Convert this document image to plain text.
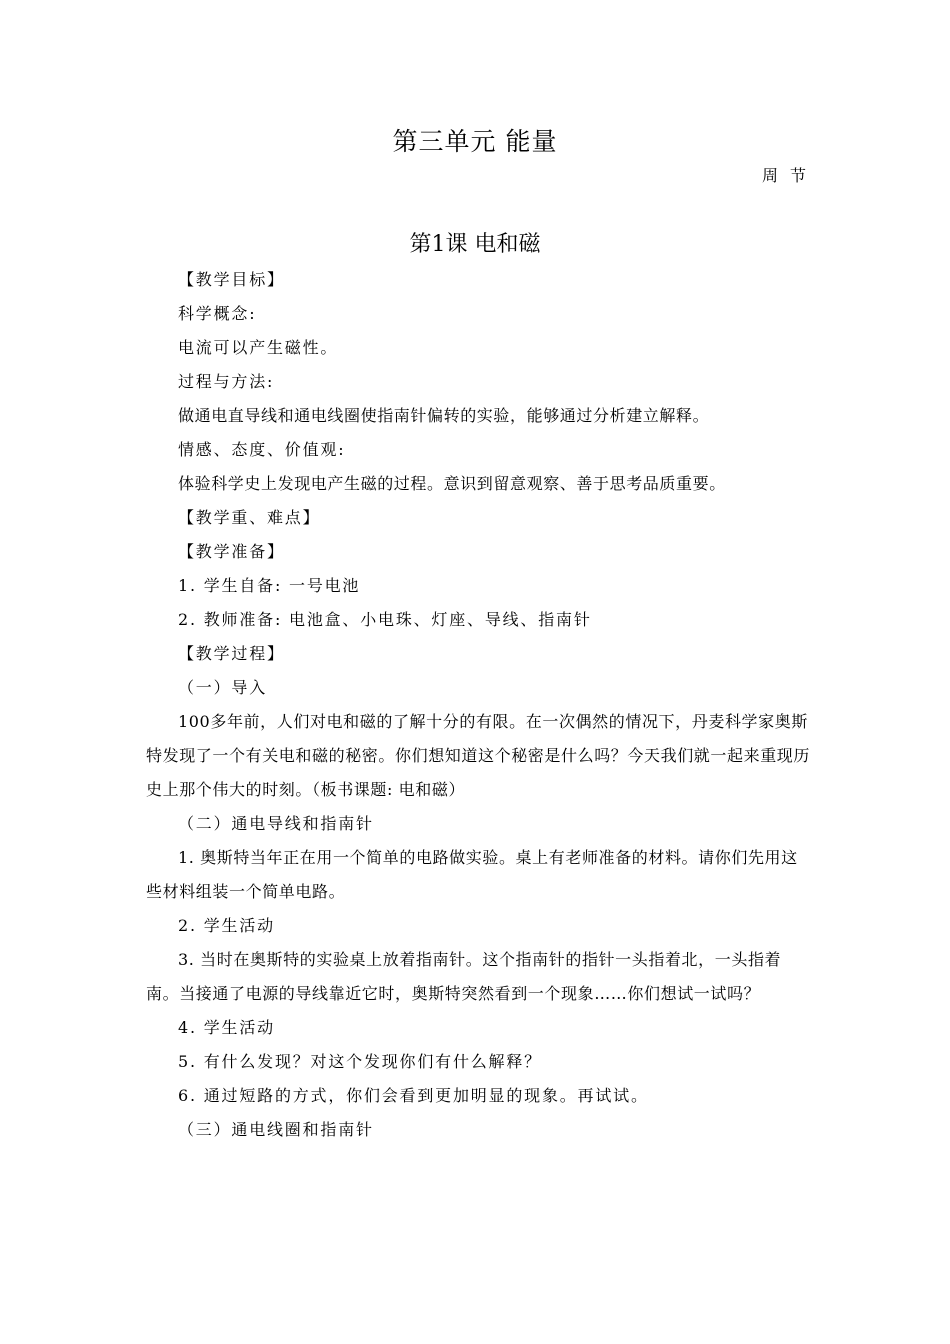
第三单元 能量
周节
第1课 电和磁
【教学目标】
科学概念:
电流可以产生磁性。
过程与方法:
做通电直导线和通电线圈使指南针偏转的实验，能够通过分析建立解释。
情感、态度、价值观:
体验科学史上发现电产生磁的过程。意识到留意观察、善于思考品质重要。
【教学重、难点】
【教学准备】
1. 学生自备: 一号电池
2. 教师准备: 电池盒、小电珠、灯座、导线、指南针
【教学过程】
（一）导入
100多年前，人们对电和磁的了解十分的有限。在一次偶然的情况下，丹麦科学家奥斯特发现了一个有关电和磁的秘密。你们想知道这个秘密是什么吗？今天我们就一起来重现历史上那个伟大的时刻。（板书课题: 电和磁）
（二）通电导线和指南针
1. 奥斯特当年正在用一个简单的电路做实验。桌上有老师准备的材料。请你们先用这些材料组装一个简单电路。
2. 学生活动
3. 当时在奥斯特的实验桌上放着指南针。这个指南针的指针一头指着北，一头指着南。当接通了电源的导线靠近它时，奥斯特突然看到一个现象……你们想试一试吗？
4. 学生活动
5. 有什么发现？对这个发现你们有什么解释？
6. 通过短路的方式，你们会看到更加明显的现象。再试试。
（三）通电线圈和指南针
